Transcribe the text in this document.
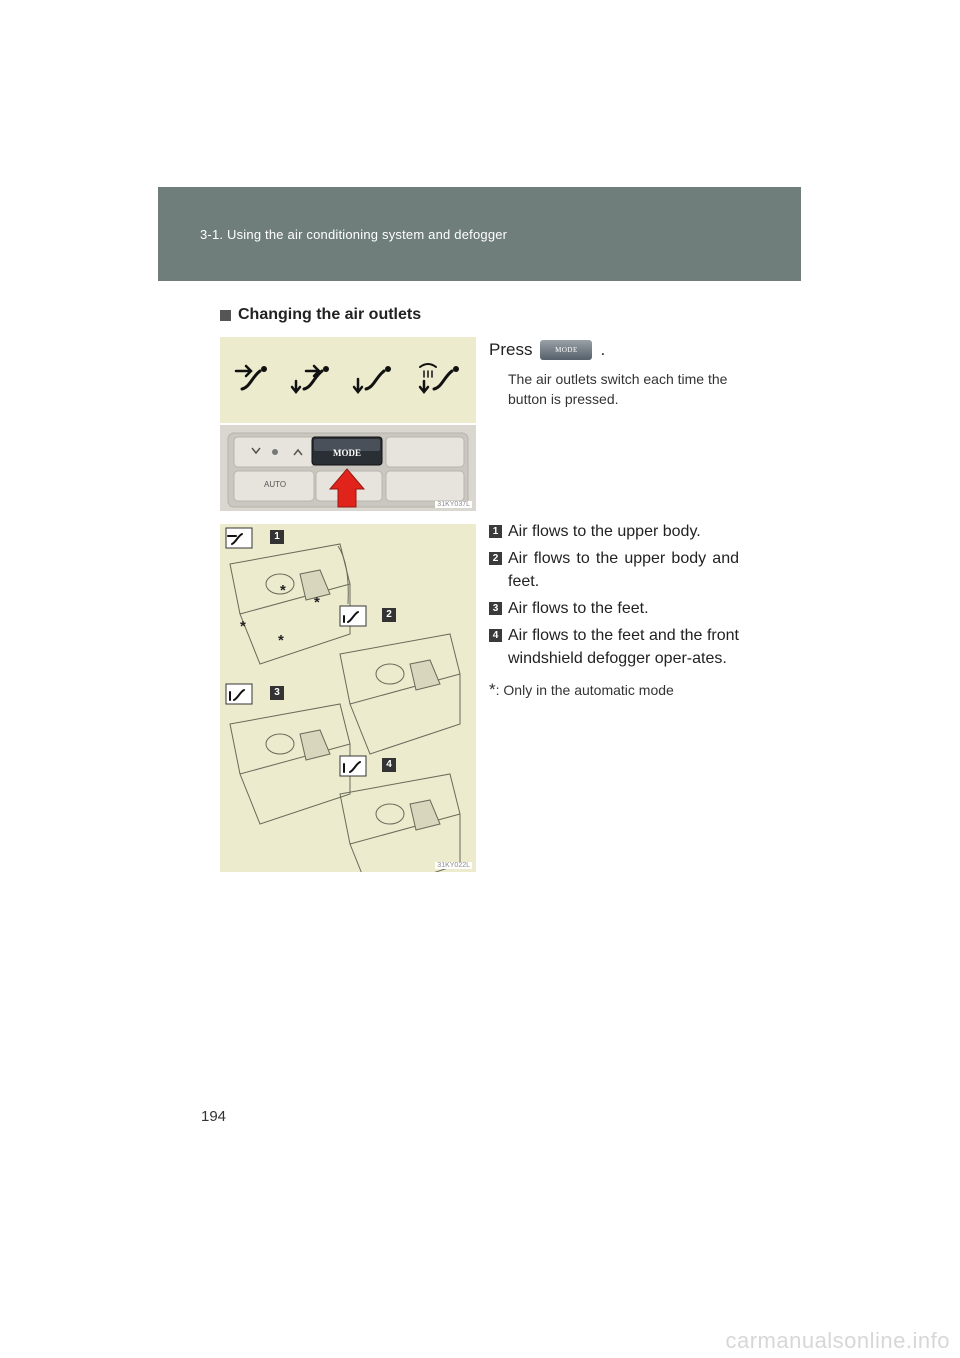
3-1. Using the air conditioning system and defogger
Changing the air outlets
MODE
AUTO
31KY037L
Press	MODE	.
The air outlets switch each time the button is pressed.
1
2
3
4
*
*
*
*
31KY022L
1 Air flows to the upper body.
2 Air flows to the upper body and feet.
3 Air flows to the feet.
4 Air flows to the feet and the front windshield defogger oper-ates.
*: Only in the automatic mode
194
carmanualsonline.info
